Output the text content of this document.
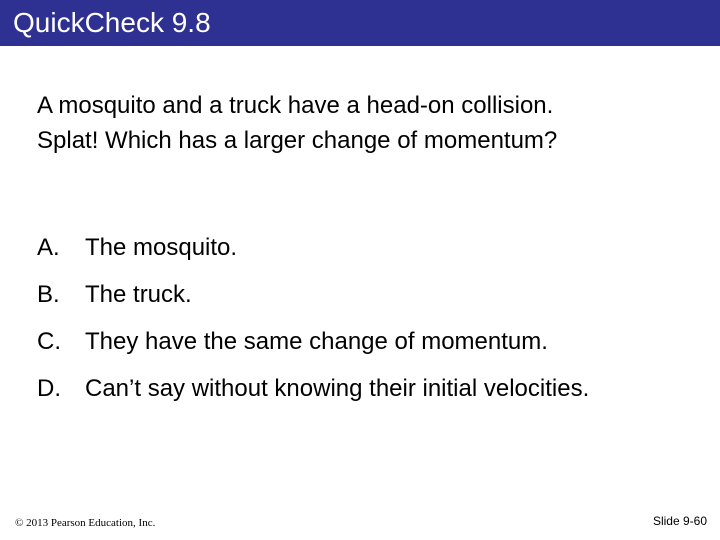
QuickCheck 9.8
A mosquito and a truck have a head-on collision.
Splat! Which has a larger change of momentum?
A. The mosquito.
B. The truck.
C. They have the same change of momentum.
D. Can’t say without knowing their initial velocities.
© 2013 Pearson Education, Inc.	Slide 9-60
